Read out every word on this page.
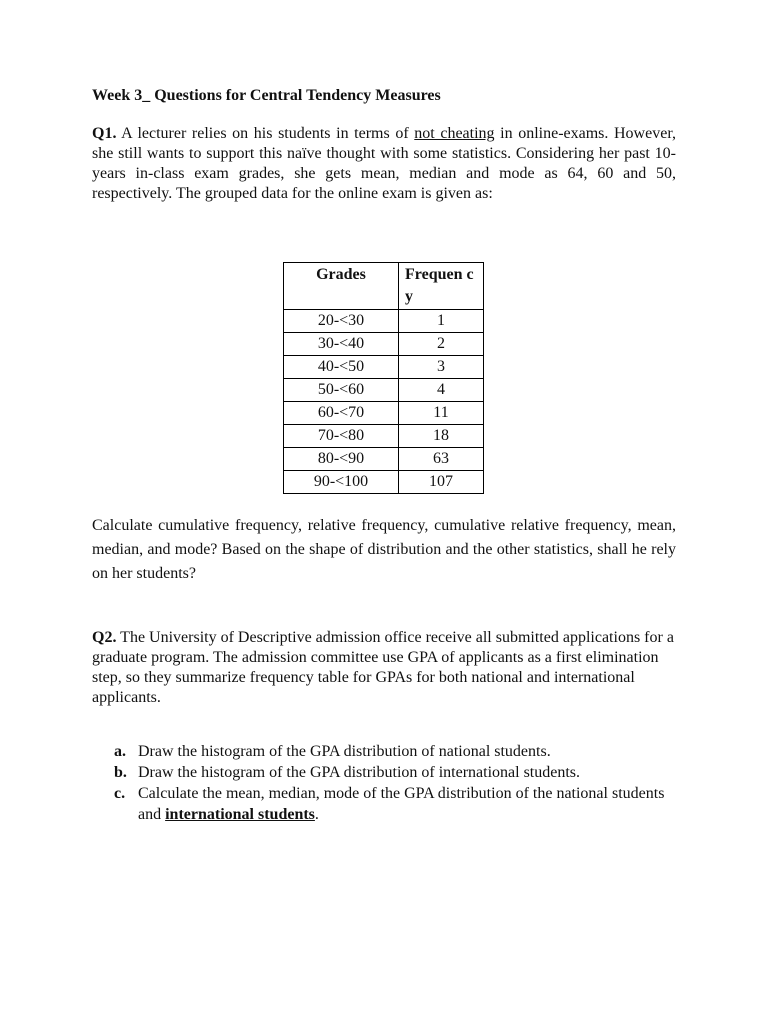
Week 3_ Questions for Central Tendency Measures

Q1. A lecturer relies on his students in terms of not cheating in online-exams. However, she still wants to support this naïve thought with some statistics. Considering her past 10-years in-class exam grades, she gets mean, median and mode as 64, 60 and 50, respectively. The grouped data for the online exam is given as:

Grades	Frequen cy
20-<30	1
30-<40	2
40-<50	3
50-<60	4
60-<70	11
70-<80	18
80-<90	63
90-<100	107

Calculate cumulative frequency, relative frequency, cumulative relative frequency, mean, median, and mode? Based on the shape of distribution and the other statistics, shall he rely on her students?

Q2. The University of Descriptive admission office receive all submitted applications for a graduate program. The admission committee use GPA of applicants as a first elimination step, so they summarize frequency table for GPAs for both national and international applicants.

a. Draw the histogram of the GPA distribution of national students.
b. Draw the histogram of the GPA distribution of international students.
c. Calculate the mean, median, mode of the GPA distribution of the national students and international students.
